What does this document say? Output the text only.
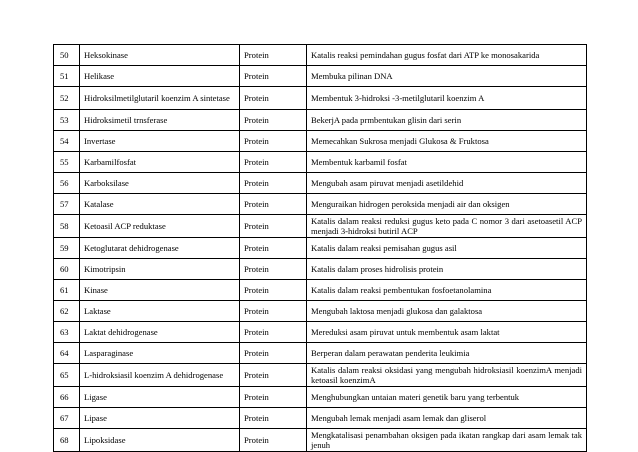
50	Heksokinase	Protein	Katalis reaksi pemindahan gugus fosfat dari ATP ke monosakarida
51	Helikase	Protein	Membuka pilinan DNA
52	Hidroksilmetilglutaril koenzim A sintetase	Protein	Membentuk 3-hidroksi -3-metilglutaril koenzim A
53	Hidroksimetil trnsferase	Protein	BekerjA pada prmbentukan glisin dari serin
54	Invertase	Protein	Memecahkan Sukrosa menjadi Glukosa & Fruktosa
55	Karbamilfosfat	Protein	Membentuk karbamil fosfat
56	Karboksilase	Protein	Mengubah asam piruvat menjadi asetildehid
57	Katalase	Protein	Menguraikan hidrogen peroksida menjadi air dan oksigen
58	Ketoasil ACP reduktase	Protein	Katalis dalam reaksi reduksi gugus keto pada C nomor 3 dari asetoasetil ACP menjadi 3-hidroksi butiril ACP
59	Ketoglutarat dehidrogenase	Protein	Katalis dalam reaksi pemisahan gugus asil
60	Kimotripsin	Protein	Katalis dalam proses hidrolisis protein
61	Kinase	Protein	Katalis dalam reaksi pembentukan fosfoetanolamina
62	Laktase	Protein	Mengubah laktosa menjadi glukosa dan galaktosa
63	Laktat dehidrogenase	Protein	Mereduksi asam piruvat untuk membentuk asam laktat
64	Lasparaginase	Protein	Berperan dalam perawatan penderita leukimia
65	L-hidroksiasil koenzim A dehidrogenase	Protein	Katalis dalam reaksi oksidasi yang mengubah hidroksiasil koenzimA menjadi ketoasil koenzimA
66	Ligase	Protein	Menghubungkan untaian materi genetik baru yang terbentuk
67	Lipase	Protein	Mengubah lemak menjadi asam lemak dan gliserol
68	Lipoksidase	Protein	Mengkatalisasi penambahan oksigen pada ikatan rangkap dari asam lemak tak jenuh
